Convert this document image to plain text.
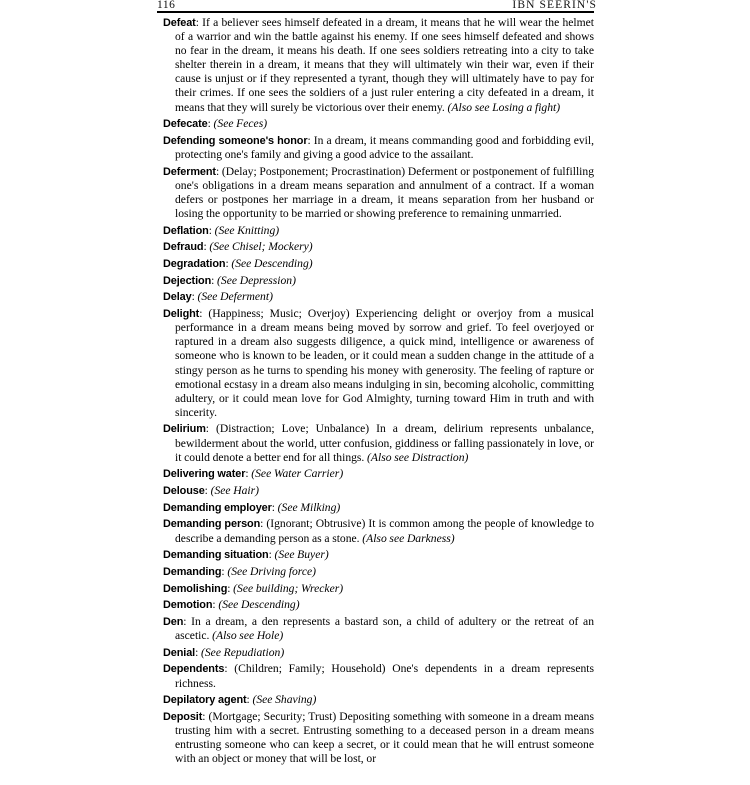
116	IBN SEERIN'S

Defeat: If a believer sees himself defeated in a dream, it means that he will wear the helmet of a warrior and win the battle against his enemy. If one sees himself defeated and shows no fear in the dream, it means his death. If one sees soldiers retreating into a city to take shelter therein in a dream, it means that they will ultimately win their war, even if their cause is unjust or if they represented a tyrant, though they will ultimately have to pay for their crimes. If one sees the soldiers of a just ruler entering a city defeated in a dream, it means that they will surely be victorious over their enemy. (Also see Losing a fight)

Defecate: (See Feces)

Defending someone's honor: In a dream, it means commanding good and forbidding evil, protecting one's family and giving a good advice to the assailant.

Deferment: (Delay; Postponement; Procrastination) Deferment or postponement of fulfilling one's obligations in a dream means separation and annulment of a contract. If a woman defers or postpones her marriage in a dream, it means separation from her husband or losing the opportunity to be married or showing preference to remaining unmarried.

Deflation: (See Knitting)

Defraud: (See Chisel; Mockery)

Degradation: (See Descending)

Dejection: (See Depression)

Delay: (See Deferment)

Delight: (Happiness; Music; Overjoy) Experiencing delight or overjoy from a musical performance in a dream means being moved by sorrow and grief. To feel overjoyed or raptured in a dream also suggests diligence, a quick mind, intelligence or awareness of someone who is known to be leaden, or it could mean a sudden change in the attitude of a stingy person as he turns to spending his money with generosity. The feeling of rapture or emotional ecstasy in a dream also means indulging in sin, becoming alcoholic, committing adultery, or it could mean love for God Almighty, turning toward Him in truth and with sincerity.

Delirium: (Distraction; Love; Unbalance) In a dream, delirium represents unbalance, bewilderment about the world, utter confusion, giddiness or falling passionately in love, or it could denote a better end for all things. (Also see Distraction)

Delivering water: (See Water Carrier)

Delouse: (See Hair)

Demanding employer: (See Milking)

Demanding person: (Ignorant; Obtrusive) It is common among the people of knowledge to describe a demanding person as a stone. (Also see Darkness)

Demanding situation: (See Buyer)

Demanding: (See Driving force)

Demolishing: (See building; Wrecker)

Demotion: (See Descending)

Den: In a dream, a den represents a bastard son, a child of adultery or the retreat of an ascetic. (Also see Hole)

Denial: (See Repudiation)

Dependents: (Children; Family; Household) One's dependents in a dream represents richness.

Depilatory agent: (See Shaving)

Deposit: (Mortgage; Security; Trust) Depositing something with someone in a dream means trusting him with a secret. Entrusting something to a deceased person in a dream means entrusting someone who can keep a secret, or it could mean that he will entrust someone with an object or money that will be lost, or
